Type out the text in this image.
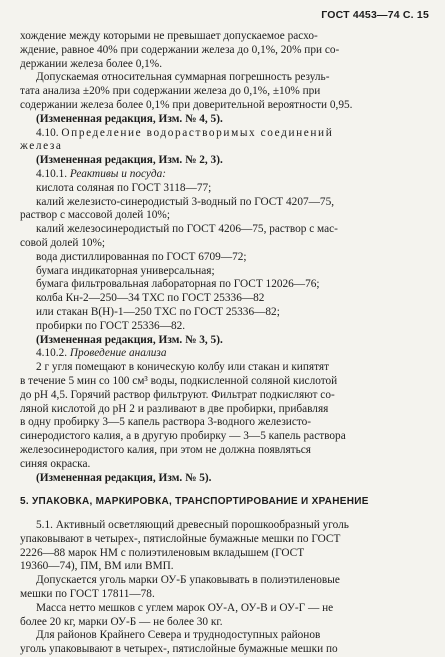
ГОСТ 4453—74 С. 15
хождение между которыми не превышает допускаемое расхо-
ждение, равное 40% при содержании железа до 0,1%, 20% при со-
держании железа более 0,1%.
Допускаемая относительная суммарная погрешность резуль-
тата анализа ±20% при содержании железа до 0,1%, ±10% при
содержании железа более 0,1% при доверительной вероятности 0,95.
(Измененная редакция, Изм. № 4, 5).
4.10. Определение водорастворимых соединений
железа
(Измененная редакция, Изм. № 2, 3).
4.10.1. Реактивы и посуда:
кислота соляная по ГОСТ 3118—77;
калий железисто-синеродистый 3-водный по ГОСТ 4207—75,
раствор с массовой долей 10%;
калий железосинеродистый по ГОСТ 4206—75, раствор с мас-
совой долей 10%;
вода дистиллированная по ГОСТ 6709—72;
бумага индикаторная универсальная;
бумага фильтровальная лабораторная по ГОСТ 12026—76;
колба Кн-2—250—34 ТХС по ГОСТ 25336—82
или стакан В(Н)-1—250 ТХС по ГОСТ 25336—82;
пробирки по ГОСТ 25336—82.
(Измененная редакция, Изм. № 3, 5).
4.10.2. Проведение анализа
2 г угля помещают в коническую колбу или стакан и кипятят
в течение 5 мин со 100 см³ воды, подкисленной соляной кислотой
до pH 4,5. Горячий раствор фильтруют. Фильтрат подкисляют со-
ляной кислотой до pH 2 и разливают в две пробирки, прибавляя
в одну пробирку 3—5 капель раствора 3-водного железисто-
синеродистого калия, а в другую пробирку — 3—5 капель раствора
железосинеродистого калия, при этом не должна появляться
синяя окраска.
(Измененная редакция, Изм. № 5).
5. УПАКОВКА, МАРКИРОВКА, ТРАНСПОРТИРОВАНИЕ И ХРАНЕНИЕ
5.1. Активный осветляющий древесный порошкообразный уголь
упаковывают в четырех-, пятислойные бумажные мешки по ГОСТ
2226—88 марок НМ с полиэтиленовым вкладышем (ГОСТ
19360—74), ПМ, ВМ или ВМП.
Допускается уголь марки ОУ-Б упаковывать в полиэтиленовые
мешки по ГОСТ 17811—78.
Масса нетто мешков с углем марок ОУ-А, ОУ-В и ОУ-Г — не
более 20 кг, марки ОУ-Б — не более 30 кг.
Для районов Крайнего Севера и труднодоступных районов
уголь упаковывают в четырех-, пятислойные бумажные мешки по
